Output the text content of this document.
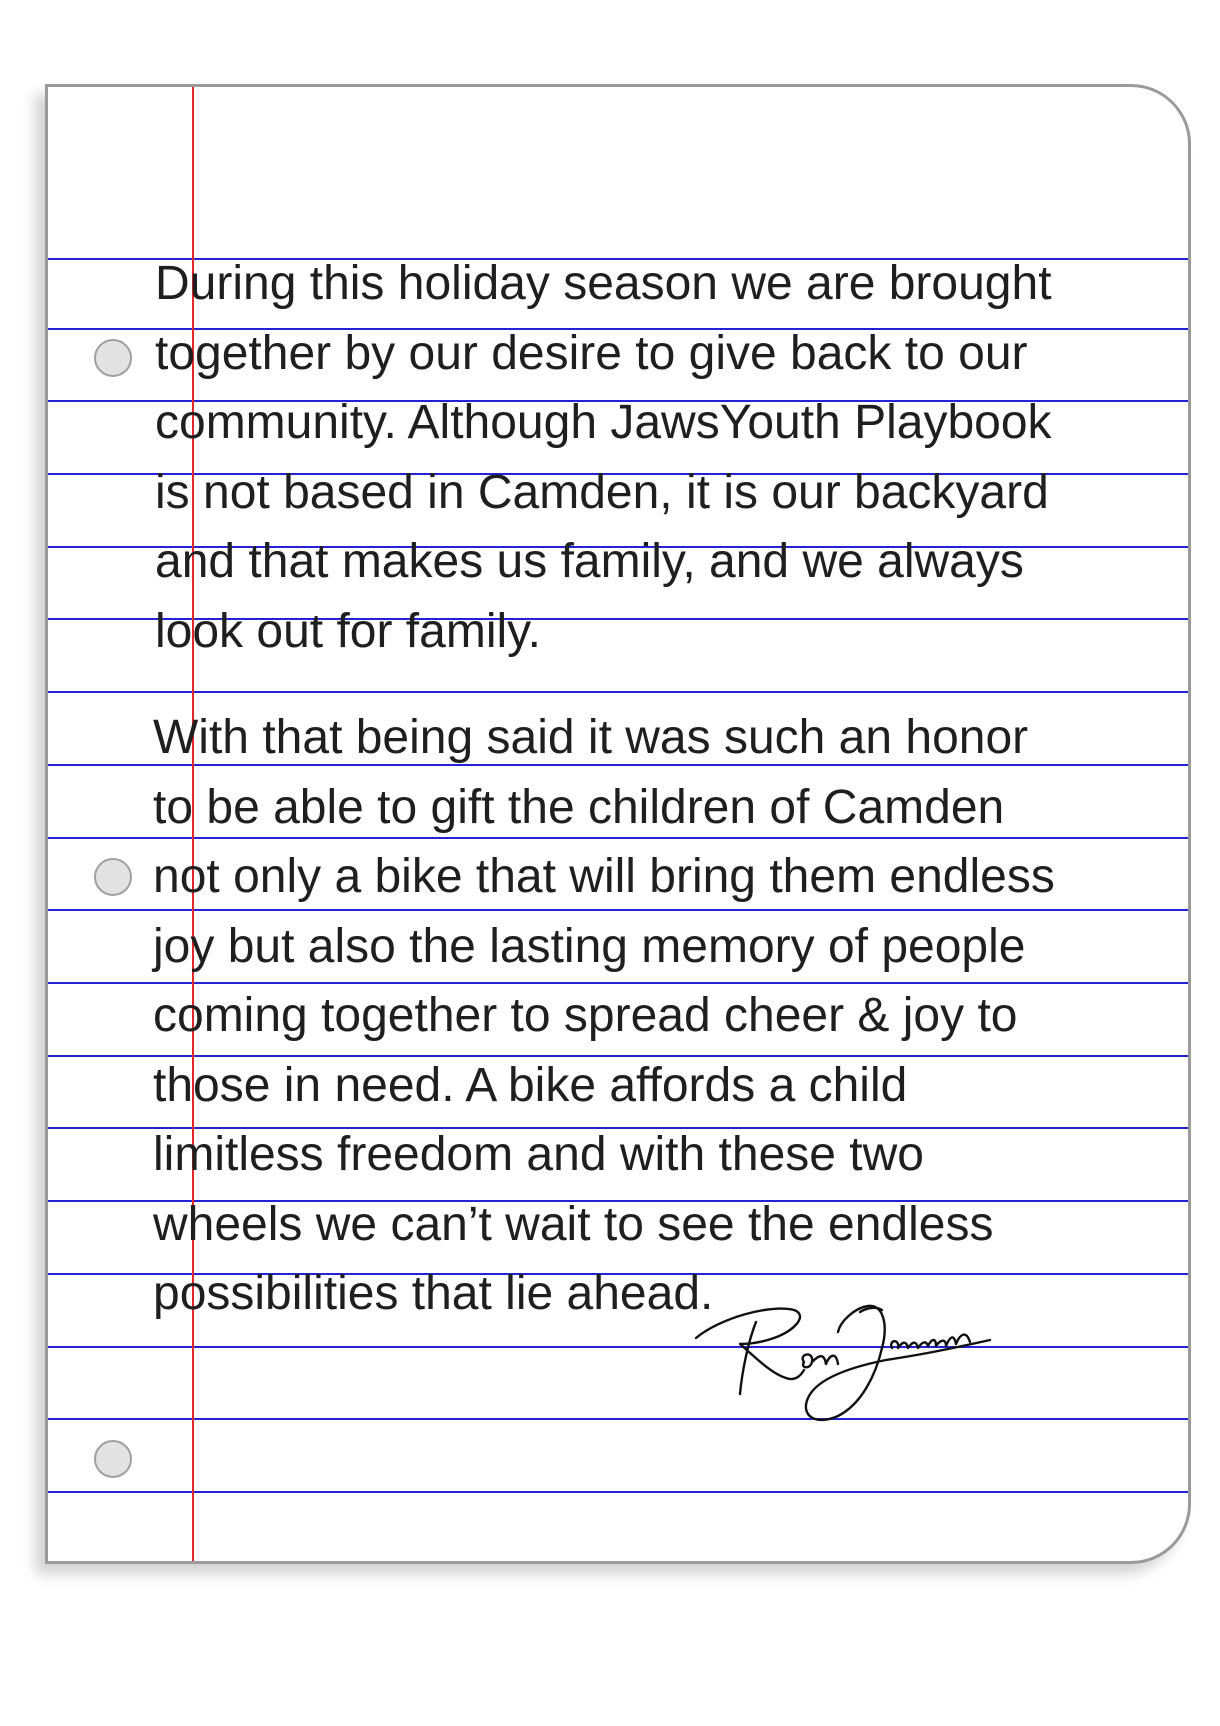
During this holiday season we are brought
together by our desire to give back to our
community. Although JawsYouth Playbook
is not based in Camden, it is our backyard
and that makes us family, and we always
look out for family.
With that being said it was such an honor
to be able to gift the children of Camden
not only a bike that will bring them endless
joy but also the lasting memory of people
coming together to spread cheer & joy to
those in need. A bike affords a child
limitless freedom and with these two
wheels we can’t wait to see the endless
possibilities that lie ahead.
